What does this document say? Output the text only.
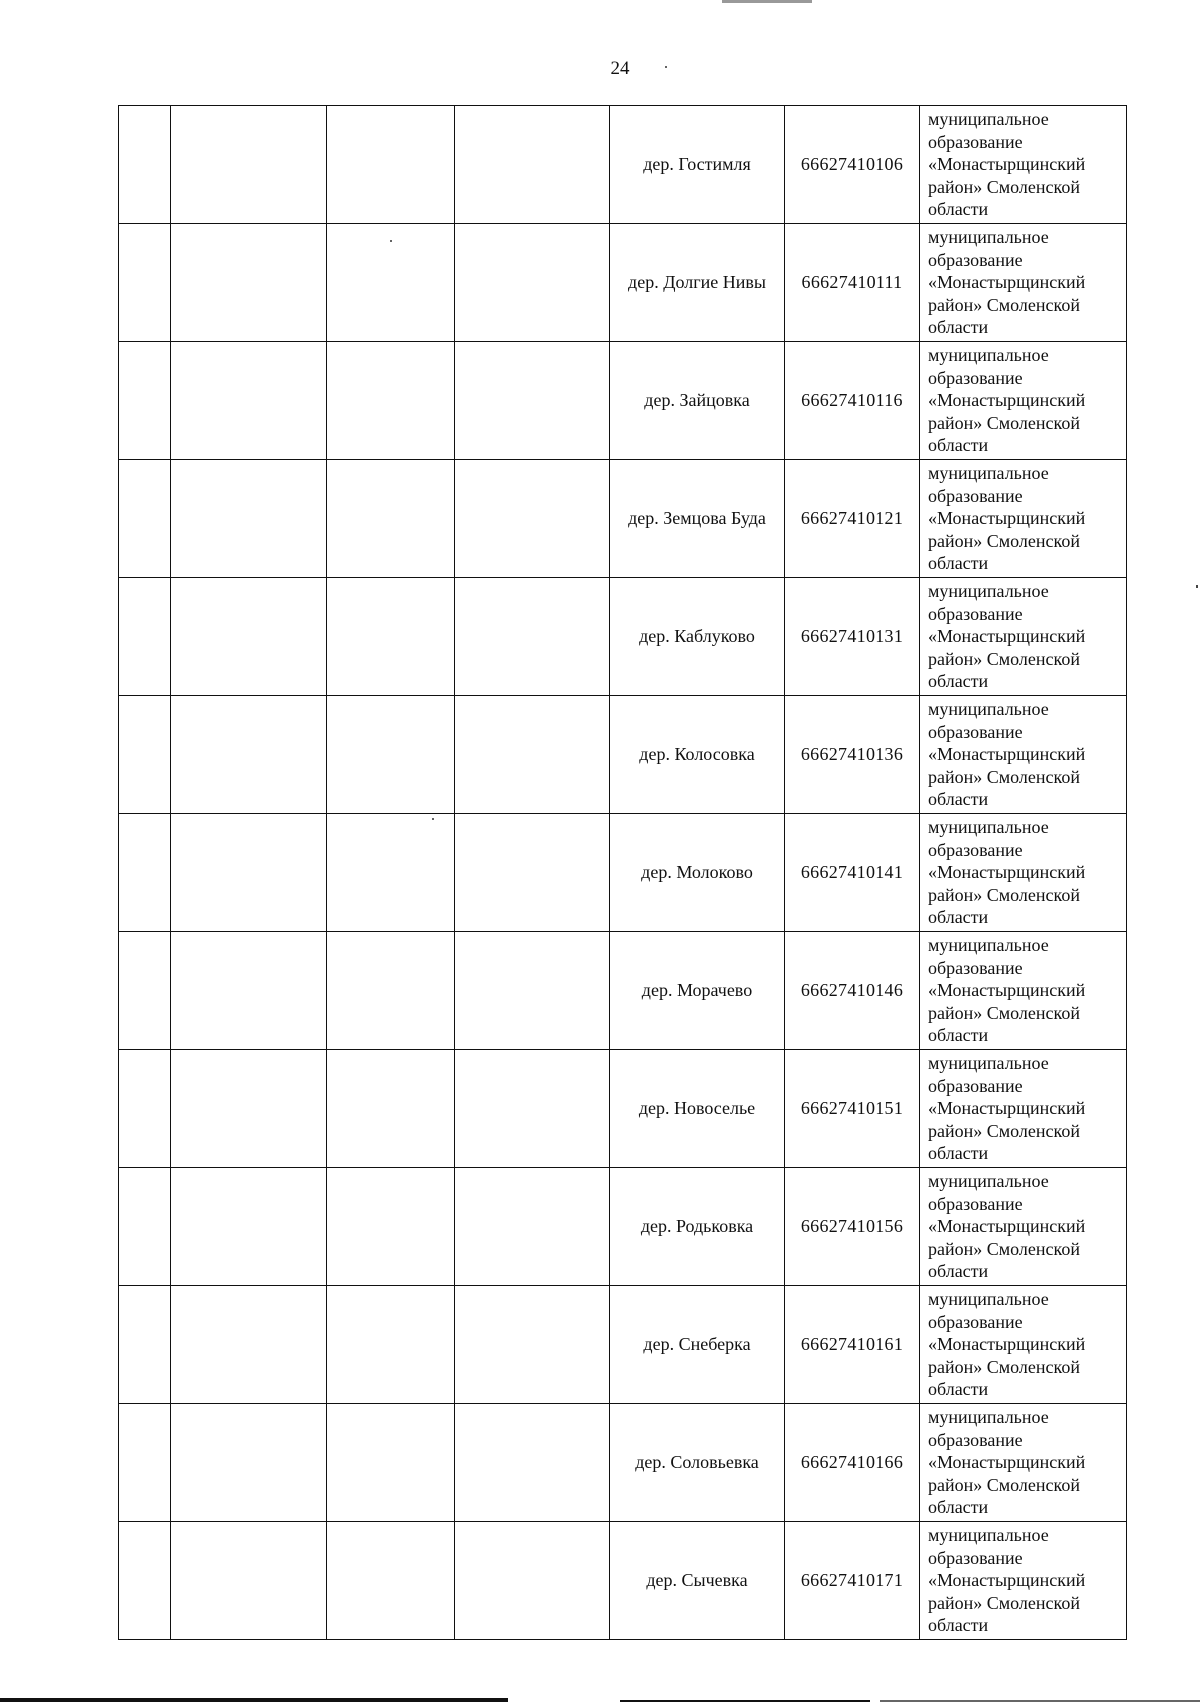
24
				дер. Гостимля	66627410106	муниципальное образование «Монастырщинский район» Смоленской области
				дер. Долгие Нивы	66627410111	муниципальное образование «Монастырщинский район» Смоленской области
				дер. Зайцовка	66627410116	муниципальное образование «Монастырщинский район» Смоленской области
				дер. Земцова Буда	66627410121	муниципальное образование «Монастырщинский район» Смоленской области
				дер. Каблуково	66627410131	муниципальное образование «Монастырщинский район» Смоленской области
				дер. Колосовка	66627410136	муниципальное образование «Монастырщинский район» Смоленской области
				дер. Молоково	66627410141	муниципальное образование «Монастырщинский район» Смоленской области
				дер. Морачево	66627410146	муниципальное образование «Монастырщинский район» Смоленской области
				дер. Новоселье	66627410151	муниципальное образование «Монастырщинский район» Смоленской области
				дер. Родьковка	66627410156	муниципальное образование «Монастырщинский район» Смоленской области
				дер. Снеберка	66627410161	муниципальное образование «Монастырщинский район» Смоленской области
				дер. Соловьевка	66627410166	муниципальное образование «Монастырщинский район» Смоленской области
				дер. Сычевка	66627410171	муниципальное образование «Монастырщинский район» Смоленской области
